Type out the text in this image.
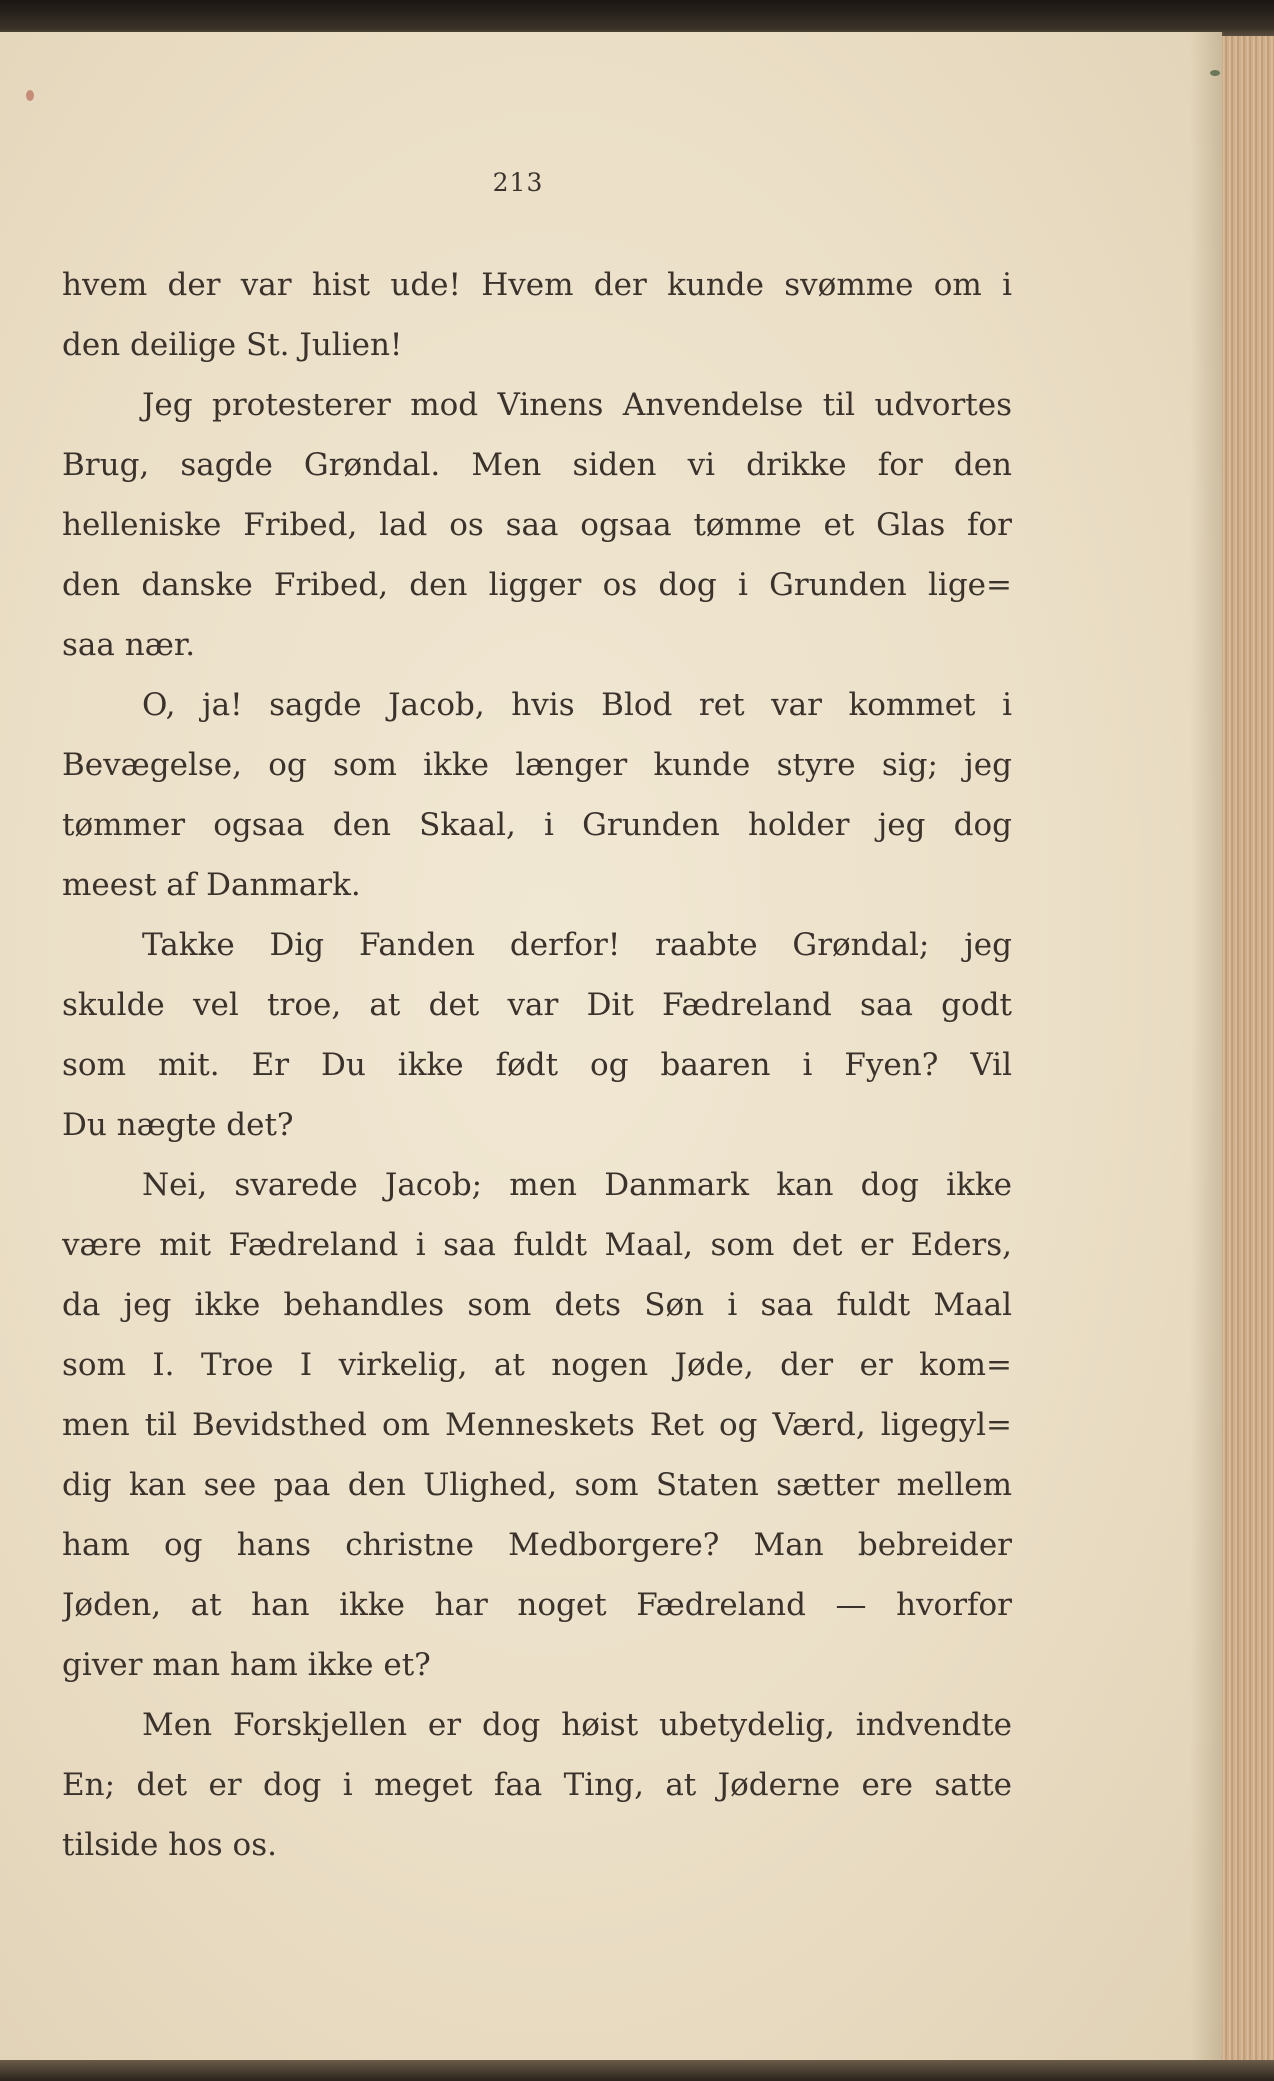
213
hvem der var hist ude! Hvem der kunde svømme om i
den deilige St. Julien!
Jeg protesterer mod Vinens Anvendelse til udvortes
Brug, sagde Grøndal. Men siden vi drikke for den
helleniske Fribed, lad os saa ogsaa tømme et Glas for
den danske Fribed, den ligger os dog i Grunden lige=
saa nær.
O, ja! sagde Jacob, hvis Blod ret var kommet i
Bevægelse, og som ikke længer kunde styre sig; jeg
tømmer ogsaa den Skaal, i Grunden holder jeg dog
meest af Danmark.
Takke Dig Fanden derfor! raabte Grøndal; jeg
skulde vel troe, at det var Dit Fædreland saa godt
som mit. Er Du ikke født og baaren i Fyen? Vil
Du nægte det?
Nei, svarede Jacob; men Danmark kan dog ikke
være mit Fædreland i saa fuldt Maal, som det er Eders,
da jeg ikke behandles som dets Søn i saa fuldt Maal
som I. Troe I virkelig, at nogen Jøde, der er kom=
men til Bevidsthed om Menneskets Ret og Værd, ligegyl=
dig kan see paa den Ulighed, som Staten sætter mellem
ham og hans christne Medborgere? Man bebreider
Jøden, at han ikke har noget Fædreland — hvorfor
giver man ham ikke et?
Men Forskjellen er dog høist ubetydelig, indvendte
En; det er dog i meget faa Ting, at Jøderne ere satte
tilside hos os.
